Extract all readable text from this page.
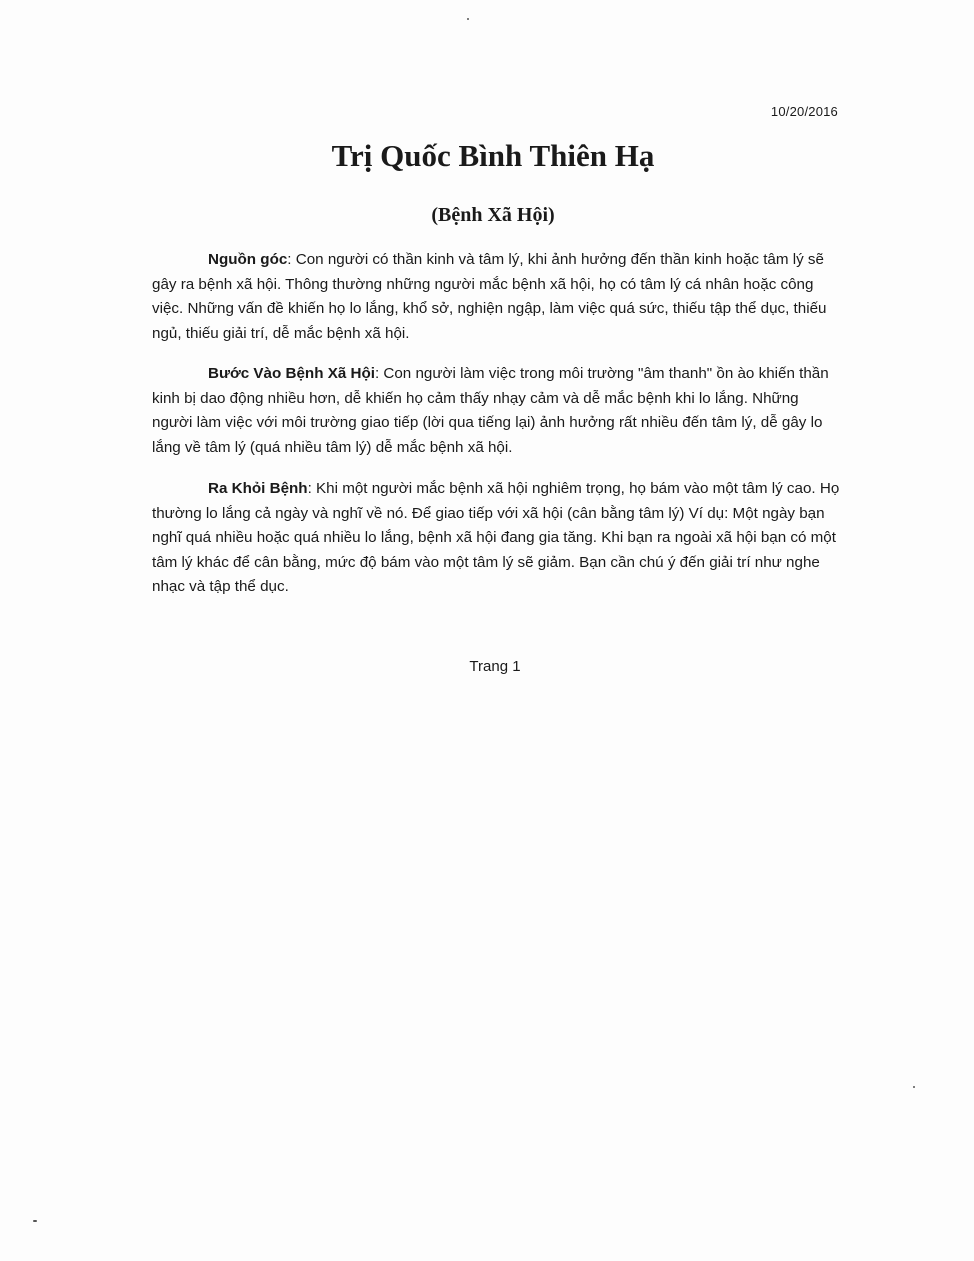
10/20/2016
Trị Quốc Bình Thiên Hạ
(Bệnh Xã Hội)

Nguồn góc: Con người có thần kinh và tâm lý, khi ảnh hưởng đến thần kinh hoặc tâm lý sẽ gây ra bệnh xã hội. Thông thường những người mắc bệnh xã hội, họ có tâm lý cá nhân hoặc công việc. Những vấn đề khiến họ lo lắng, khổ sở, nghiện ngập, làm việc quá sức, thiếu tập thể dục, thiếu ngủ, thiếu giải trí, dễ mắc bệnh xã hội.

Bước Vào Bệnh Xã Hội: Con người làm việc trong môi trường "âm thanh" ồn ào khiến thần kinh bị dao động nhiều hơn, dễ khiến họ cảm thấy nhạy cảm và dễ mắc bệnh khi lo lắng. Những người làm việc với môi trường giao tiếp (lời qua tiếng lại) ảnh hưởng rất nhiều đến tâm lý, dễ gây lo lắng về tâm lý (quá nhiều tâm lý) dễ mắc bệnh xã hội.

Ra Khỏi Bệnh: Khi một người mắc bệnh xã hội nghiêm trọng, họ bám vào một tâm lý cao. Họ thường lo lắng cả ngày và nghĩ về nó. Để giao tiếp với xã hội (cân bằng tâm lý) Ví dụ: Một ngày bạn nghĩ quá nhiều hoặc quá nhiều lo lắng, bệnh xã hội đang gia tăng. Khi bạn ra ngoài xã hội bạn có một tâm lý khác để cân bằng, mức độ bám vào một tâm lý sẽ giảm. Bạn cần chú ý đến giải trí như nghe nhạc và tập thể dục.

Trang 1
